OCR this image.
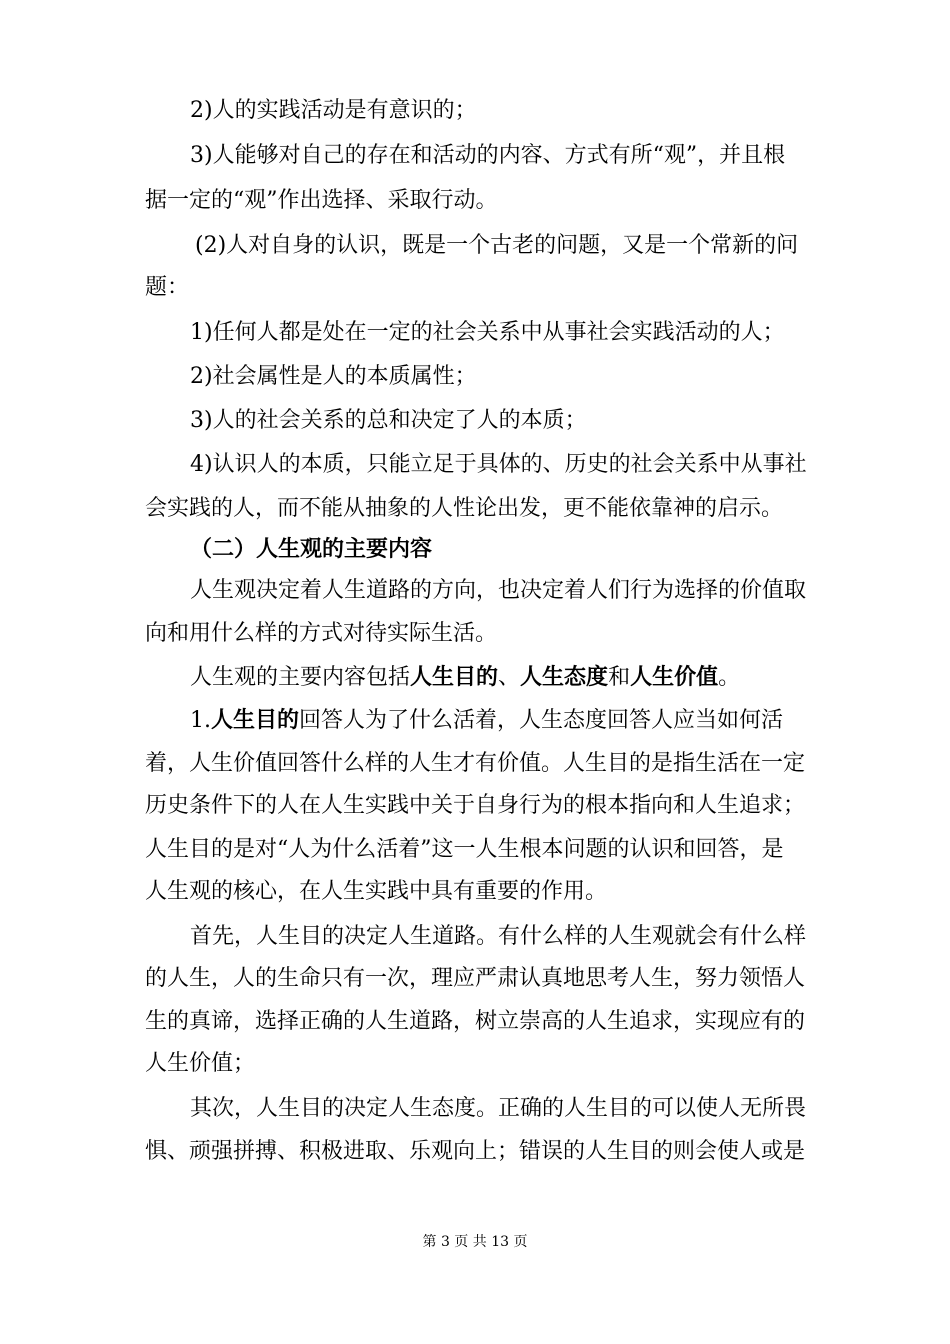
2)人的实践活动是有意识的；
3)人能够对自己的存在和活动的内容、方式有所“观”，并且根
据一定的“观”作出选择、采取行动。
(2)人对自身的认识，既是一个古老的问题，又是一个常新的问
题：
1)任何人都是处在一定的社会关系中从事社会实践活动的人；
2)社会属性是人的本质属性；
3)人的社会关系的总和决定了人的本质；
4)认识人的本质，只能立足于具体的、历史的社会关系中从事社
会实践的人，而不能从抽象的人性论出发，更不能依靠神的启示。
（二）人生观的主要内容
人生观决定着人生道路的方向，也决定着人们行为选择的价值取
向和用什么样的方式对待实际生活。
人生观的主要内容包括人生目的、人生态度和人生价值。
1.人生目的回答人为了什么活着，人生态度回答人应当如何活
着，人生价值回答什么样的人生才有价值。人生目的是指生活在一定
历史条件下的人在人生实践中关于自身行为的根本指向和人生追求；
人生目的是对“人为什么活着”这一人生根本问题的认识和回答，是
人生观的核心，在人生实践中具有重要的作用。
首先，人生目的决定人生道路。有什么样的人生观就会有什么样
的人生，人的生命只有一次，理应严肃认真地思考人生，努力领悟人
生的真谛，选择正确的人生道路，树立崇高的人生追求，实现应有的
人生价值；
其次，人生目的决定人生态度。正确的人生目的可以使人无所畏
惧、顽强拼搏、积极进取、乐观向上；错误的人生目的则会使人或是
第 3 页 共 13 页
